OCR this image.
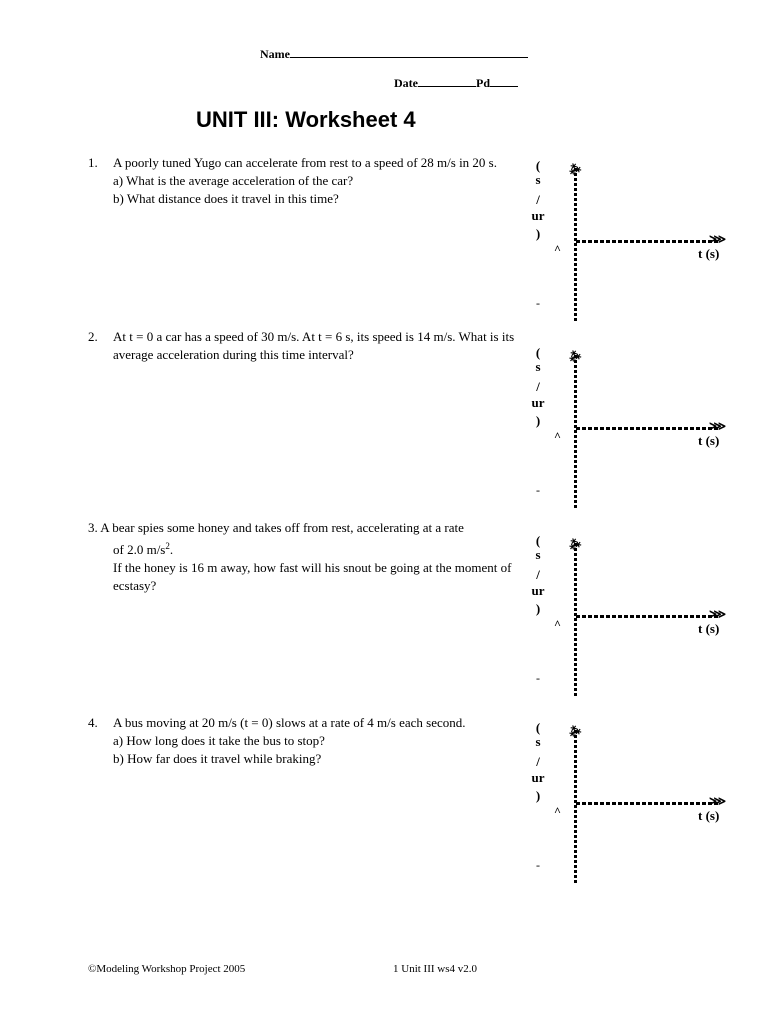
Name
Date	Pd
UNIT III: Worksheet 4
1. A poorly tuned Yugo can accelerate from rest to a speed of 28 m/s in 20 s.
a) What is the average acceleration of the car?
b) What distance does it travel in this time?
2. At t = 0 a car has a speed of 30 m/s. At t = 6 s, its speed is 14 m/s. What is its average acceleration during this time interval?
3. A bear spies some honey and takes off from rest, accelerating at a rate
of 2.0 $m/s^2$.
If the honey is 16 m away, how fast will his snout be going at the moment of ecstasy?
4. A bus moving at 20 m/s (t = 0) slows at a rate of 4 m/s each second.
a) How long does it take the bus to stop?
b) How far does it travel while braking?
(
s
/
ur
)
⁂
⋙
t (s)
^
-
(
s
/
ur
)
⁂
⋙
t (s)
^
-
(
s
/
ur
)
⁂
⋙
t (s)
^
-
(
s
/
ur
)
⁂
⋙
t (s)
^
-
©Modeling Workshop Project 2005	1 Unit III ws4 v2.0
